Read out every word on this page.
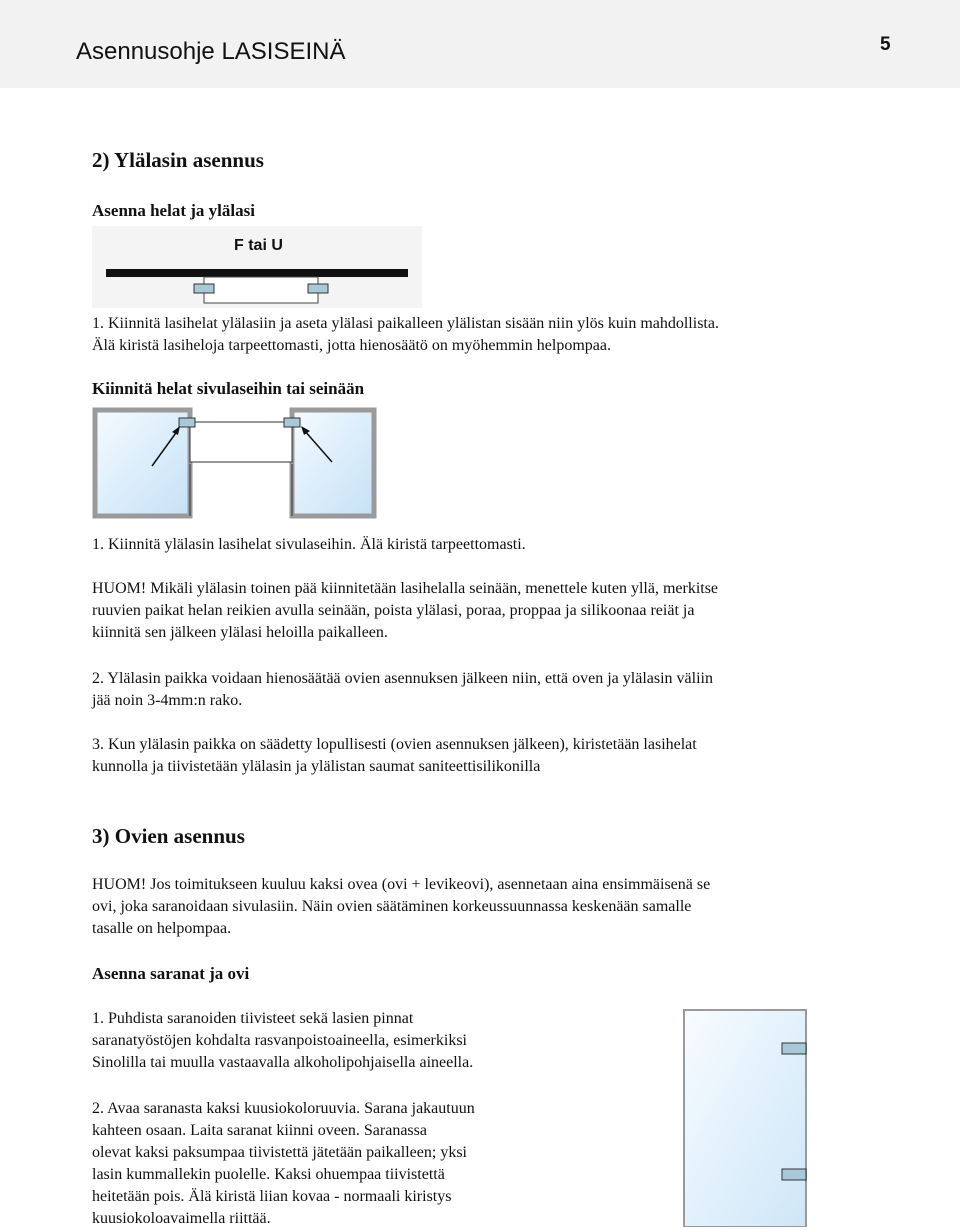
Asennusohje LASISEINÄ	5
2) Ylälasin asennus
Asenna helat ja ylälasi
F tai U
1. Kiinnitä lasihelat ylälasiin ja aseta ylälasi paikalleen ylälistan sisään niin ylös kuin mahdollista.
Älä kiristä lasiheloja tarpeettomasti, jotta hienosäätö on myöhemmin helpompaa.
Kiinnitä helat sivulaseihin tai seinään
1. Kiinnitä ylälasin lasihelat sivulaseihin. Älä kiristä tarpeettomasti.
HUOM! Mikäli ylälasin toinen pää kiinnitetään lasihelalla seinään, menettele kuten yllä, merkitse
ruuvien paikat helan reikien avulla seinään, poista ylälasi, poraa, proppaa ja silikoonaa reiät ja
kiinnitä sen jälkeen ylälasi heloilla paikalleen.
2. Ylälasin paikka voidaan hienosäätää ovien asennuksen jälkeen niin, että oven ja ylälasin väliin
jää noin 3-4mm:n rako.
3. Kun ylälasin paikka on säädetty lopullisesti (ovien asennuksen jälkeen), kiristetään lasihelat
kunnolla ja tiivistetään ylälasin ja ylälistan saumat saniteettisilikonilla
3) Ovien asennus
HUOM! Jos toimitukseen kuuluu kaksi ovea (ovi + levikeovi), asennetaan aina ensimmäisenä se
ovi, joka saranoidaan sivulasiin. Näin ovien säätäminen korkeussuunnassa keskenään samalle
tasalle on helpompaa.
Asenna saranat ja ovi
1. Puhdista saranoiden tiivisteet sekä lasien pinnat
saranatyöstöjen kohdalta rasvanpoistoaineella, esimerkiksi
Sinolilla tai muulla vastaavalla alkoholipohjaisella aineella.
2. Avaa saranasta kaksi kuusiokoloruuvia. Sarana jakautuun
kahteen osaan. Laita saranat kiinni oveen. Saranassa
olevat kaksi paksumpaa tiivistettä jätetään paikalleen; yksi
lasin kummallekin puolelle. Kaksi ohuempaa tiivistettä
heitetään pois. Älä kiristä liian kovaa - normaali kiristys
kuusiokoloavaimella riittää.
